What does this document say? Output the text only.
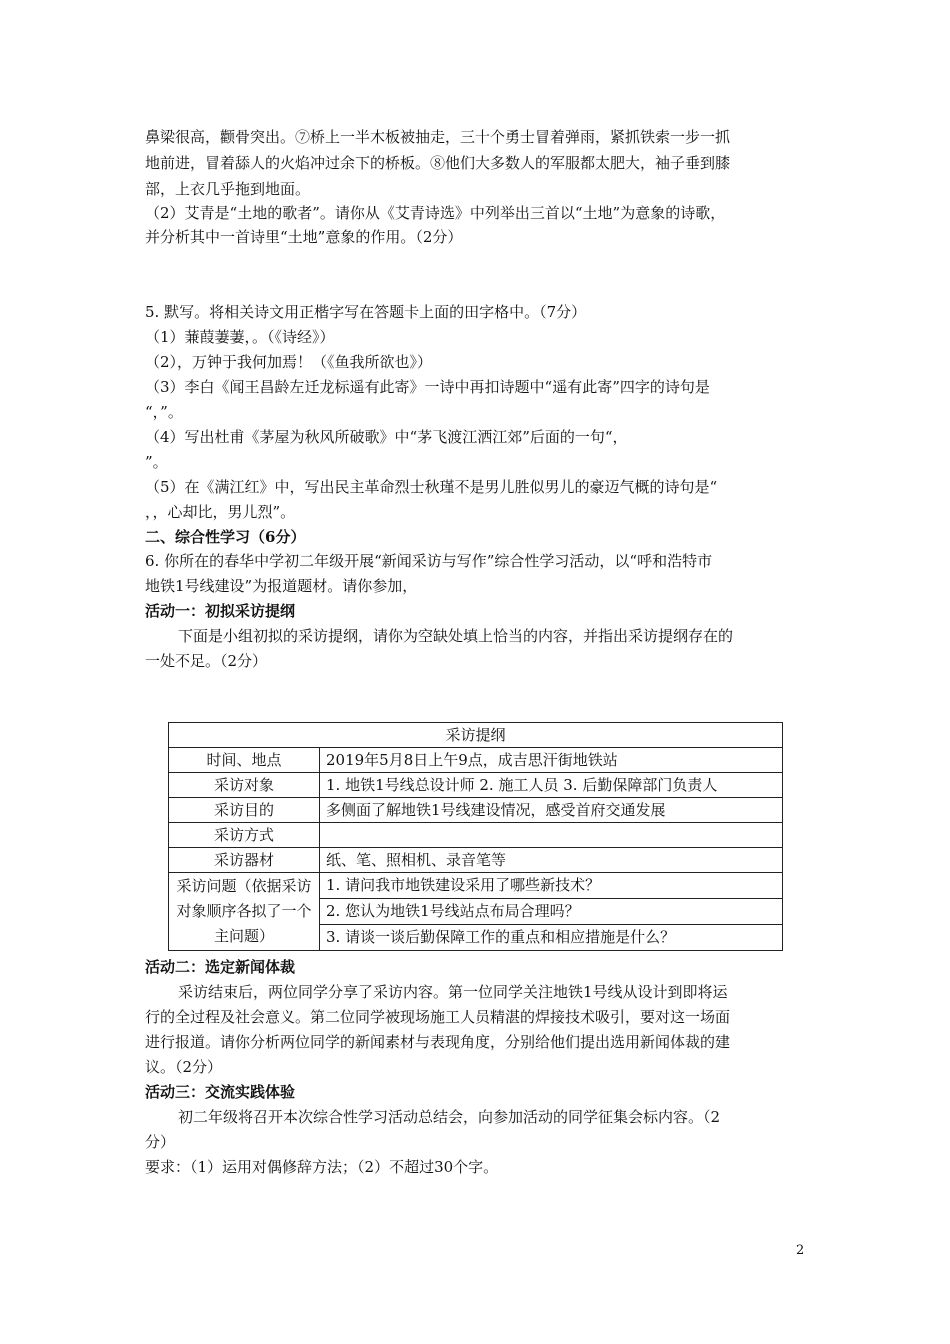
鼻梁很高，颧骨突出。⑦桥上一半木板被抽走，三十个勇士冒着弹雨，紧抓铁索一步一抓
地前进，冒着舔人的火焰冲过余下的桥板。⑧他们大多数人的军服都太肥大，袖子垂到膝
部，上衣几乎拖到地面。
（2）艾青是“土地的歌者”。请你从《艾青诗选》中列举出三首以“土地”为意象的诗歌，
并分析其中一首诗里“土地”意象的作用。（2分）
5. 默写。将相关诗文用正楷字写在答题卡上面的田字格中。（7分）
（1）蒹葭萋萋，。（《诗经》）
（2），万钟于我何加焉！（《鱼我所欲也》）
（3）李白《闻王昌龄左迁龙标遥有此寄》一诗中再扣诗题中“遥有此寄”四字的诗句是
“，”。
（4）写出杜甫《茅屋为秋风所破歌》中“茅飞渡江洒江郊”后面的一句“，
”。
（5）在《满江红》中，写出民主革命烈士秋瑾不是男儿胜似男儿的豪迈气概的诗句是“
，，心却比，男儿烈”。
二、综合性学习（6分）
6. 你所在的春华中学初二年级开展“新闻采访与写作”综合性学习活动，以“呼和浩特市
地铁1号线建设”为报道题材。请你参加，
活动一：初拟采访提纲
下面是小组初拟的采访提纲，请你为空缺处填上恰当的内容，并指出采访提纲存在的
一处不足。（2分）
采访提纲	
时间、地点	2019年5月8日上午9点，成吉思汗街地铁站
采访对象	1. 地铁1号线总设计师 2. 施工人员 3. 后勤保障部门负责人
采访目的	多侧面了解地铁1号线建设情况，感受首府交通发展
采访方式	
采访器材	纸、笔、照相机、录音笔等
采访问题（依据采访对象顺序各拟了一个主问题）	1. 请问我市地铁建设采用了哪些新技术？
	2. 您认为地铁1号线站点布局合理吗？
	3. 请谈一谈后勤保障工作的重点和相应措施是什么？
活动二：选定新闻体裁
采访结束后，两位同学分享了采访内容。第一位同学关注地铁1号线从设计到即将运
行的全过程及社会意义。第二位同学被现场施工人员精湛的焊接技术吸引，要对这一场面
进行报道。请你分析两位同学的新闻素材与表现角度，分别给他们提出选用新闻体裁的建
议。（2分）
活动三：交流实践体验
初二年级将召开本次综合性学习活动总结会，向参加活动的同学征集会标内容。（2
分）
要求：（1）运用对偶修辞方法；（2）不超过30个字。
2
